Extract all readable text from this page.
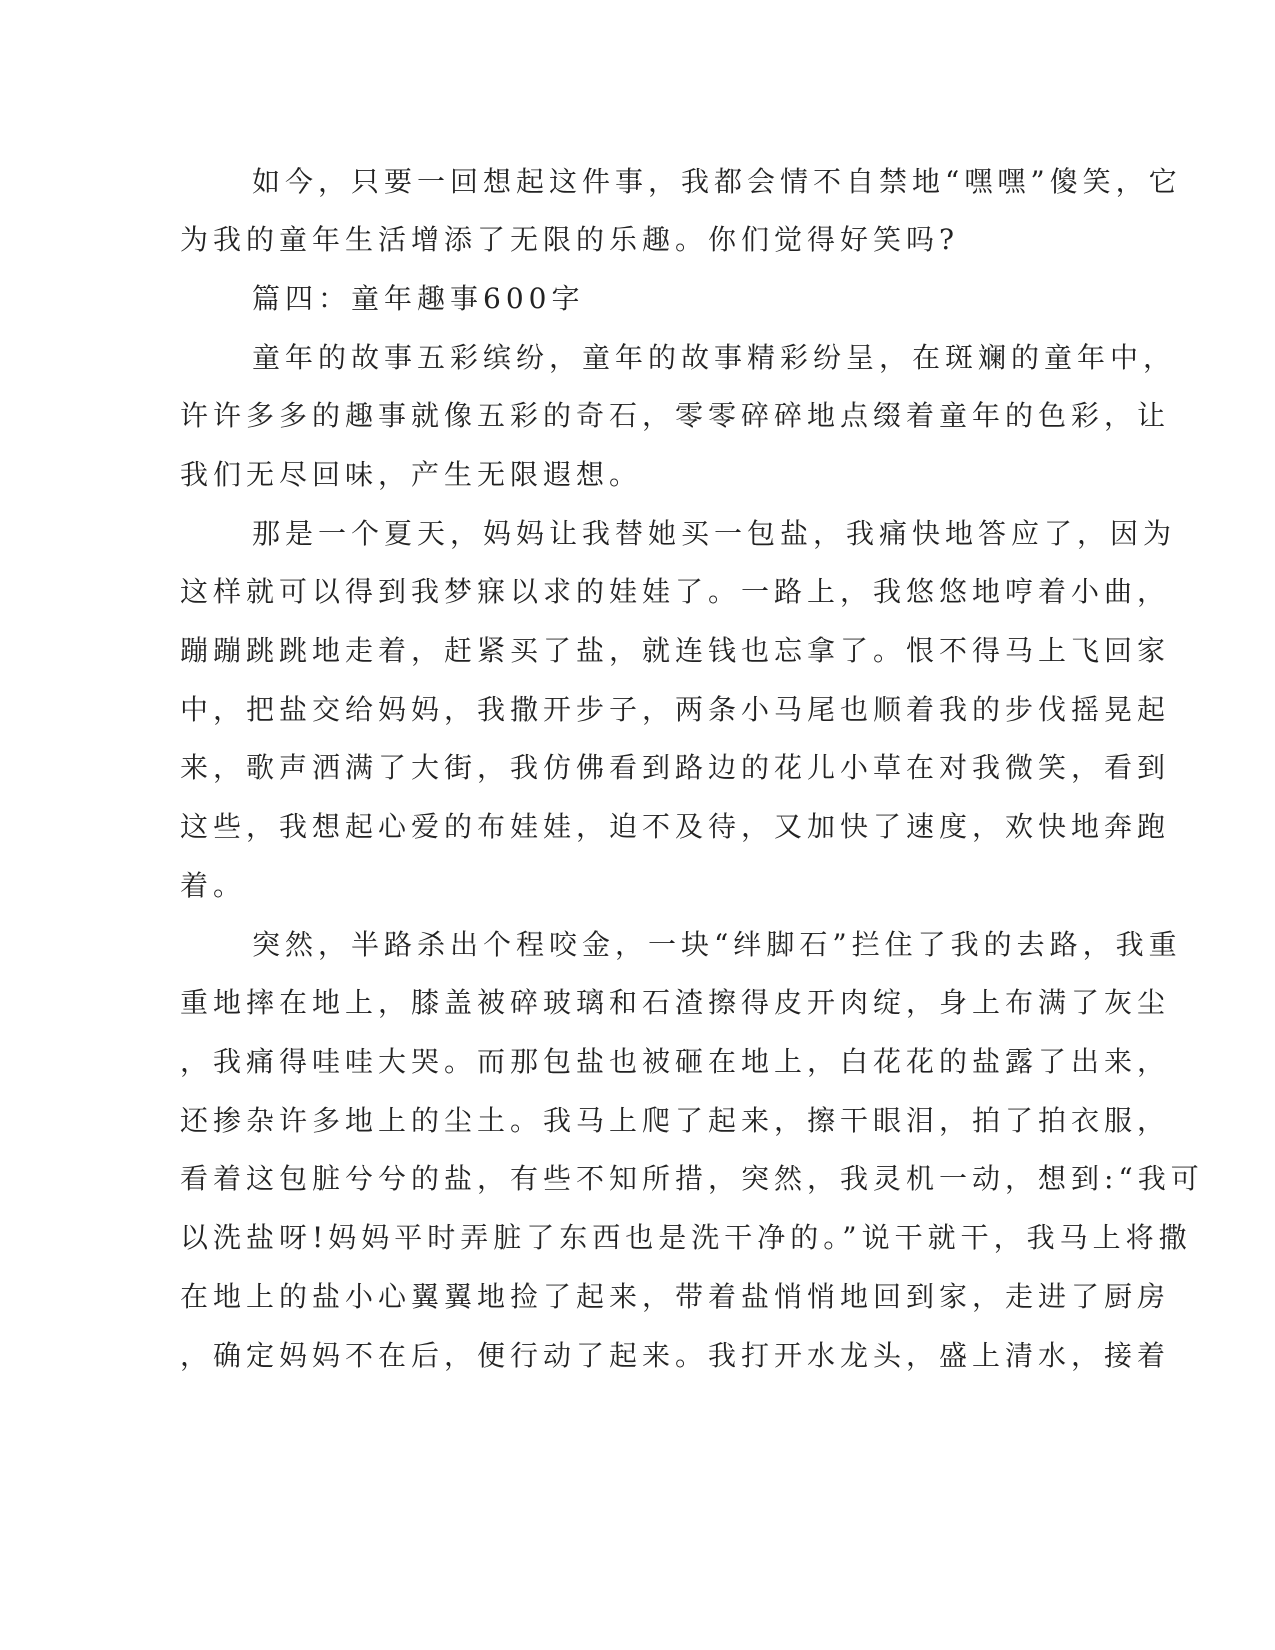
如今，只要一回想起这件事，我都会情不自禁地“嘿嘿”傻笑，它

为我的童年生活增添了无限的乐趣。你们觉得好笑吗?

篇四：童年趣事600字

童年的故事五彩缤纷，童年的故事精彩纷呈，在斑斓的童年中，

许许多多的趣事就像五彩的奇石，零零碎碎地点缀着童年的色彩，让

我们无尽回味，产生无限遐想。

那是一个夏天，妈妈让我替她买一包盐，我痛快地答应了，因为

这样就可以得到我梦寐以求的娃娃了。一路上，我悠悠地哼着小曲，

蹦蹦跳跳地走着，赶紧买了盐，就连钱也忘拿了。恨不得马上飞回家

中，把盐交给妈妈，我撒开步子，两条小马尾也顺着我的步伐摇晃起

来，歌声洒满了大街，我仿佛看到路边的花儿小草在对我微笑，看到

这些，我想起心爱的布娃娃，迫不及待，又加快了速度，欢快地奔跑

着。

突然，半路杀出个程咬金，一块“绊脚石”拦住了我的去路，我重

重地摔在地上，膝盖被碎玻璃和石渣擦得皮开肉绽，身上布满了灰尘

，我痛得哇哇大哭。而那包盐也被砸在地上，白花花的盐露了出来，

还掺杂许多地上的尘土。我马上爬了起来，擦干眼泪，拍了拍衣服，

看着这包脏兮兮的盐，有些不知所措，突然，我灵机一动，想到:“我可

以洗盐呀!妈妈平时弄脏了东西也是洗干净的。”说干就干，我马上将撒

在地上的盐小心翼翼地捡了起来，带着盐悄悄地回到家，走进了厨房

，确定妈妈不在后，便行动了起来。我打开水龙头，盛上清水，接着
